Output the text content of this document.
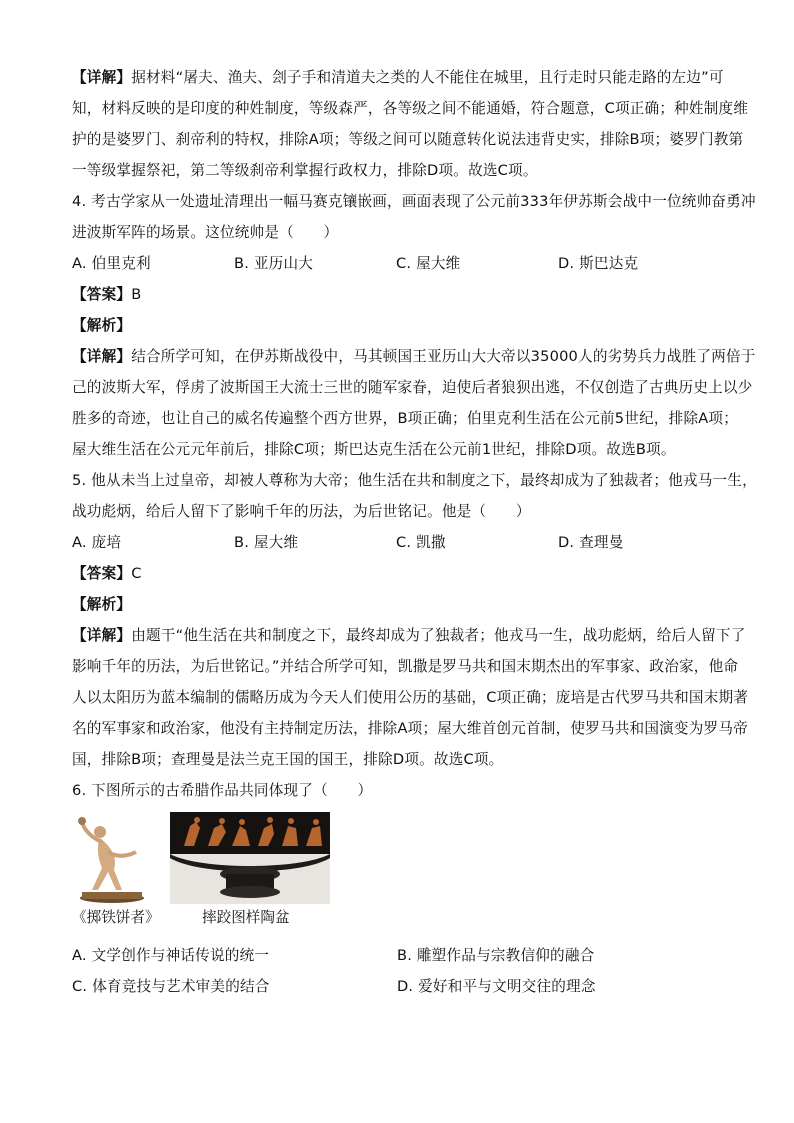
【详解】据材料“屠夫、渔夫、刽子手和清道夫之类的人不能住在城里，且行走时只能走路的左边”可
知，材料反映的是印度的种姓制度，等级森严，各等级之间不能通婚，符合题意，C项正确；种姓制度维
护的是婆罗门、刹帝利的特权，排除A项；等级之间可以随意转化说法违背史实，排除B项；婆罗门教第
一等级掌握祭祀，第二等级刹帝利掌握行政权力，排除D项。故选C项。
4. 考古学家从一处遗址清理出一幅马赛克镶嵌画，画面表现了公元前333年伊苏斯会战中一位统帅奋勇冲
进波斯军阵的场景。这位统帅是（　　）
A. 伯里克利	B. 亚历山大	C. 屋大维	D. 斯巴达克
【答案】B
【解析】
【详解】结合所学可知，在伊苏斯战役中，马其顿国王亚历山大大帝以35000人的劣势兵力战胜了两倍于
己的波斯大军，俘虏了波斯国王大流士三世的随军家眷，迫使后者狼狈出逃，不仅创造了古典历史上以少
胜多的奇迹，也让自己的威名传遍整个西方世界，B项正确；伯里克利生活在公元前5世纪，排除A项；
屋大维生活在公元元年前后，排除C项；斯巴达克生活在公元前1世纪，排除D项。故选B项。
5. 他从未当上过皇帝，却被人尊称为大帝；他生活在共和制度之下，最终却成为了独裁者；他戎马一生，
战功彪炳，给后人留下了影响千年的历法，为后世铭记。他是（　　）
A. 庞培	B. 屋大维	C. 凯撒	D. 查理曼
【答案】C
【解析】
【详解】由题干“他生活在共和制度之下，最终却成为了独裁者；他戎马一生，战功彪炳，给后人留下了
影响千年的历法，为后世铭记。”并结合所学可知，凯撒是罗马共和国末期杰出的军事家、政治家，他命
人以太阳历为蓝本编制的儒略历成为今天人们使用公历的基础，C项正确；庞培是古代罗马共和国末期著
名的军事家和政治家，他没有主持制定历法，排除A项；屋大维首创元首制，使罗马共和国演变为罗马帝
国，排除B项；查理曼是法兰克王国的国王，排除D项。故选C项。
6. 下图所示的古希腊作品共同体现了（　　）
《掷铁饼者》	摔跤图样陶盆
A. 文学创作与神话传说的统一	B. 雕塑作品与宗教信仰的融合
C. 体育竞技与艺术审美的结合	D. 爱好和平与文明交往的理念
